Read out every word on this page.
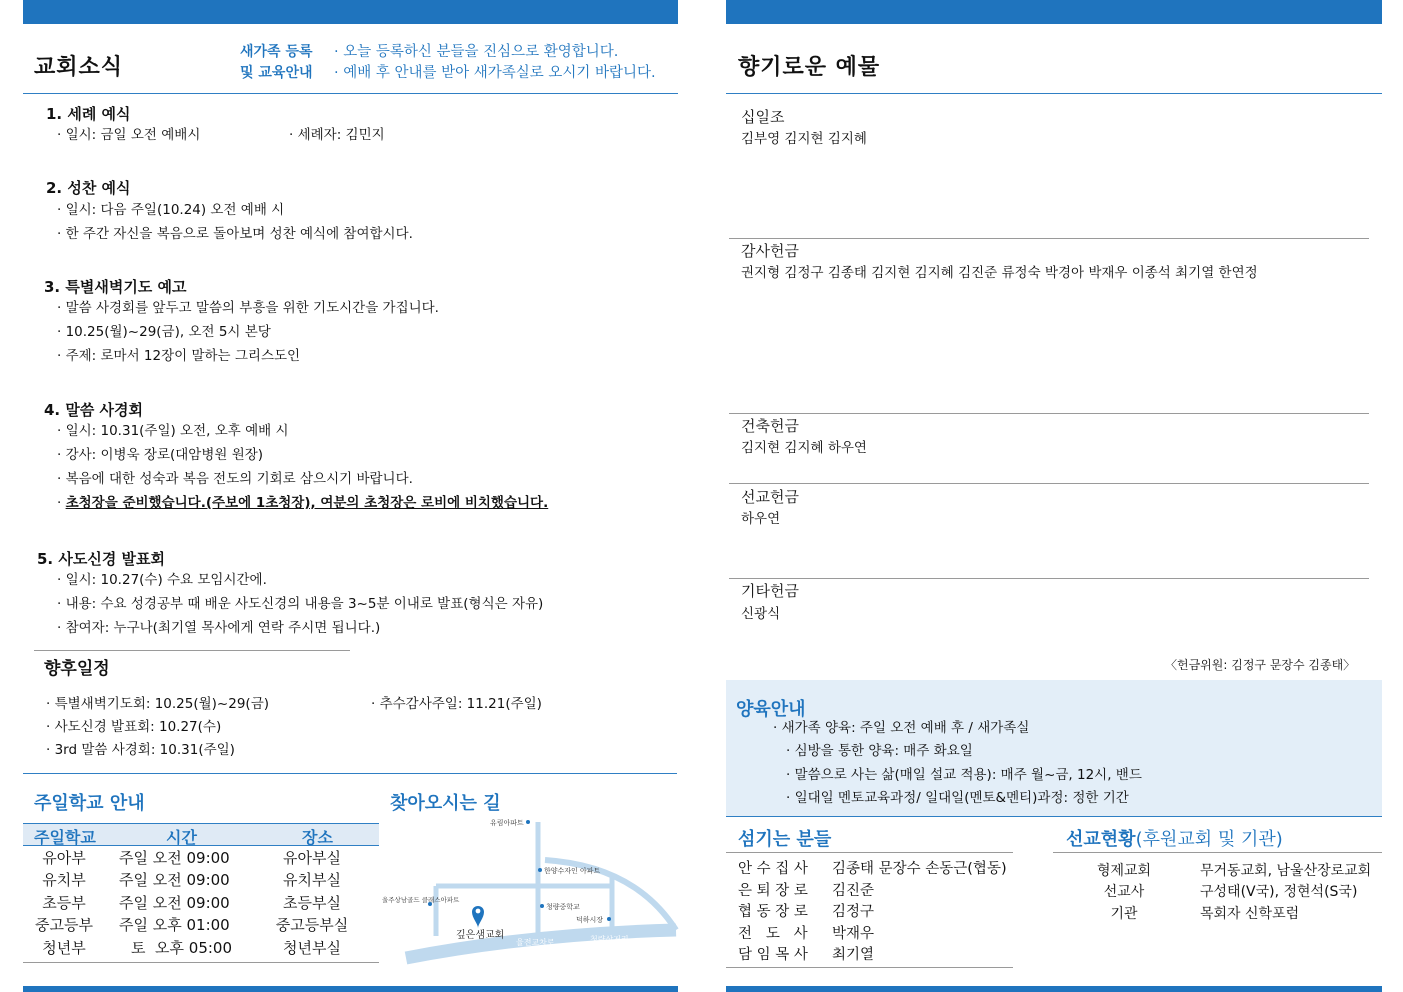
교회소식
새가족 등록
및 교육안내
· 오늘 등록하신 분들을 진심으로 환영합니다.
· 예배 후 안내를 받아 새가족실로 오시기 바랍니다.
1. 세례 예식
· 일시: 금일 오전 예배시	· 세례자: 김민지
2. 성찬 예식
· 일시: 다음 주일(10.24) 오전 예배 시
· 한 주간 자신을 복음으로 돌아보며 성찬 예식에 참여합시다.
3. 특별새벽기도 예고
· 말씀 사경회를 앞두고 말씀의 부흥을 위한 기도시간을 가집니다.
· 10.25(월)~29(금), 오전 5시 본당
· 주제: 로마서 12장이 말하는 그리스도인
4. 말씀 사경회
· 일시: 10.31(주일) 오전, 오후 예배 시
· 강사: 이병욱 장로(대암병원 원장)
· 복음에 대한 성숙과 복음 전도의 기회로 삼으시기 바랍니다.
· 초청장을 준비했습니다.(주보에 1초청장), 여분의 초청장은 로비에 비치했습니다.
5. 사도신경 발표회
· 일시: 10.27(수) 수요 모임시간에.
· 내용: 수요 성경공부 때 배운 사도신경의 내용을 3~5분 이내로 발표(형식은 자유)
· 참여자: 누구나(최기열 목사에게 연락 주시면 됩니다.)
향후일정
· 특별새벽기도회: 10.25(월)~29(금)	· 추수감사주일: 11.21(주일)
· 사도신경 발표회: 10.27(수)
· 3rd 말씀 사경회: 10.31(주일)
주일학교 안내
주일학교	시간	장소
유아부	주일 오전 09:00	유아부실
유치부	주일 오전 09:00	유치부실
초등부	주일 오전 09:00	초등부실
중고등부	주일 오후 01:00	중고등부실
청년부	토  오후 05:00	청년부실
찾아오시는 길
유림아파트
한양수자인 아파트
울주상남골드 클래스아파트
청량중학교
덕하시장
깊은샘교회
율전교차로	청량삼거리
향기로운 예물
십일조
김부영 김지현 김지혜
감사헌금
권지형 김정구 김종태 김지현 김지혜 김진준 류정숙 박경아 박재우 이종석 최기열 한연정
건축헌금
김지현 김지혜 하우연
선교헌금
하우연
기타헌금
신광식
〈헌금위원: 김정구 문장수 김종태〉
양육안내
· 새가족 양육: 주일 오전 예배 후 / 새가족실
· 심방을 통한 양육: 매주 화요일
· 말씀으로 사는 삶(매일 설교 적용): 매주 월~금, 12시, 밴드
· 일대일 멘토교육과정/ 일대일(멘토&멘티)과정: 정한 기간
섬기는 분들
안 수 집 사	김종태 문장수 손동근(협동)
은 퇴 장 로	김진준
협 동 장 로	김정구
전   도   사	박재우
담 임 목 사	최기열
선교현황(후원교회 및 기관)
형제교회	무거동교회, 남울산장로교회
선교사	구성태(V국), 정현석(S국)
기관	목회자 신학포럼
